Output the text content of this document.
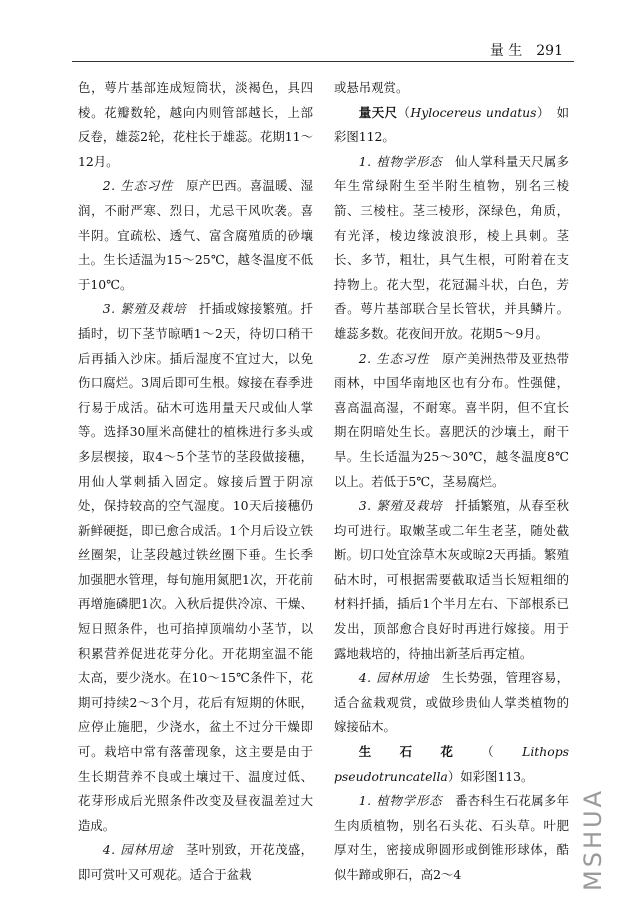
量 生 291

色，萼片基部连成短筒状，淡褐色，具四棱。花瓣数轮，越向内则管部越长，上部反卷，雄蕊2轮，花柱长于雄蕊。花期11～12月。

2. 生态习性　原产巴西。喜温暖、湿润，不耐严寒、烈日，尤忌干风吹袭。喜半阴。宜疏松、透气、富含腐殖质的砂壤土。生长适温为15～25℃，越冬温度不低于10℃。

3. 繁殖及栽培　扦插或嫁接繁殖。扦插时，切下茎节晾晒1～2天，待切口稍干后再插入沙床。插后湿度不宜过大，以免伤口腐烂。3周后即可生根。嫁接在春季进行易于成活。砧木可选用量天尺或仙人掌等。选择30厘米高健壮的植株进行多头或多层楔接，取4～5个茎节的茎段做接穗，用仙人掌刺插入固定。嫁接后置于阴凉处，保持较高的空气湿度。10天后接穗仍新鲜硬挺，即已愈合成活。1个月后设立铁丝圈架，让茎段越过铁丝圈下垂。生长季加强肥水管理，每旬施用氮肥1次，开花前再增施磷肥1次。入秋后提供冷凉、干燥、短日照条件，也可掐掉顶端幼小茎节，以积累营养促进花芽分化。开花期室温不能太高，要少浇水。在10～15℃条件下，花期可持续2～3个月，花后有短期的休眠，应停止施肥，少浇水，盆土不过分干燥即可。栽培中常有落蕾现象，这主要是由于生长期营养不良或土壤过干、温度过低、花芽形成后光照条件改变及昼夜温差过大造成。

4. 园林用途　茎叶别致，开花茂盛，即可赏叶又可观花。适合于盆栽

或悬吊观赏。

量天尺（Hylocereus undatus）　如彩图112。

1. 植物学形态　仙人掌科量天尺属多年生常绿附生至半附生植物，别名三棱箭、三棱柱。茎三棱形，深绿色，角质，有光泽，棱边缘波浪形，棱上具刺。茎长、多节，粗壮，具气生根，可附着在支持物上。花大型，花冠漏斗状，白色，芳香。萼片基部联合呈长管状，并具鳞片。雄蕊多数。花夜间开放。花期5～9月。

2. 生态习性　原产美洲热带及亚热带雨林，中国华南地区也有分布。性强健，喜高温高湿，不耐寒。喜半阴，但不宜长期在阴暗处生长。喜肥沃的沙壤土，耐干旱。生长适温为25～30℃，越冬温度8℃以上。若低于5℃，茎易腐烂。

3. 繁殖及栽培　扦插繁殖，从春至秋均可进行。取嫩茎或二年生老茎，随处截断。切口处宜涂草木灰或晾2天再插。繁殖砧木时，可根据需要截取适当长短粗细的材料扦插，插后1个半月左右、下部根系已发出，顶部愈合良好时再进行嫁接。用于露地栽培的，待抽出新茎后再定植。

4. 园林用途　生长势强，管理容易，适合盆栽观赏，或做珍贵仙人掌类植物的嫁接砧木。

生石花（Lithops pseudotruncatella）如彩图113。

1. 植物学形态　番杏科生石花属多年生肉质植物，别名石头花、石头草。叶肥厚对生，密接成卵圆形或倒锥形球体，酷似牛蹄或卵石，高2～4	MSHUA
